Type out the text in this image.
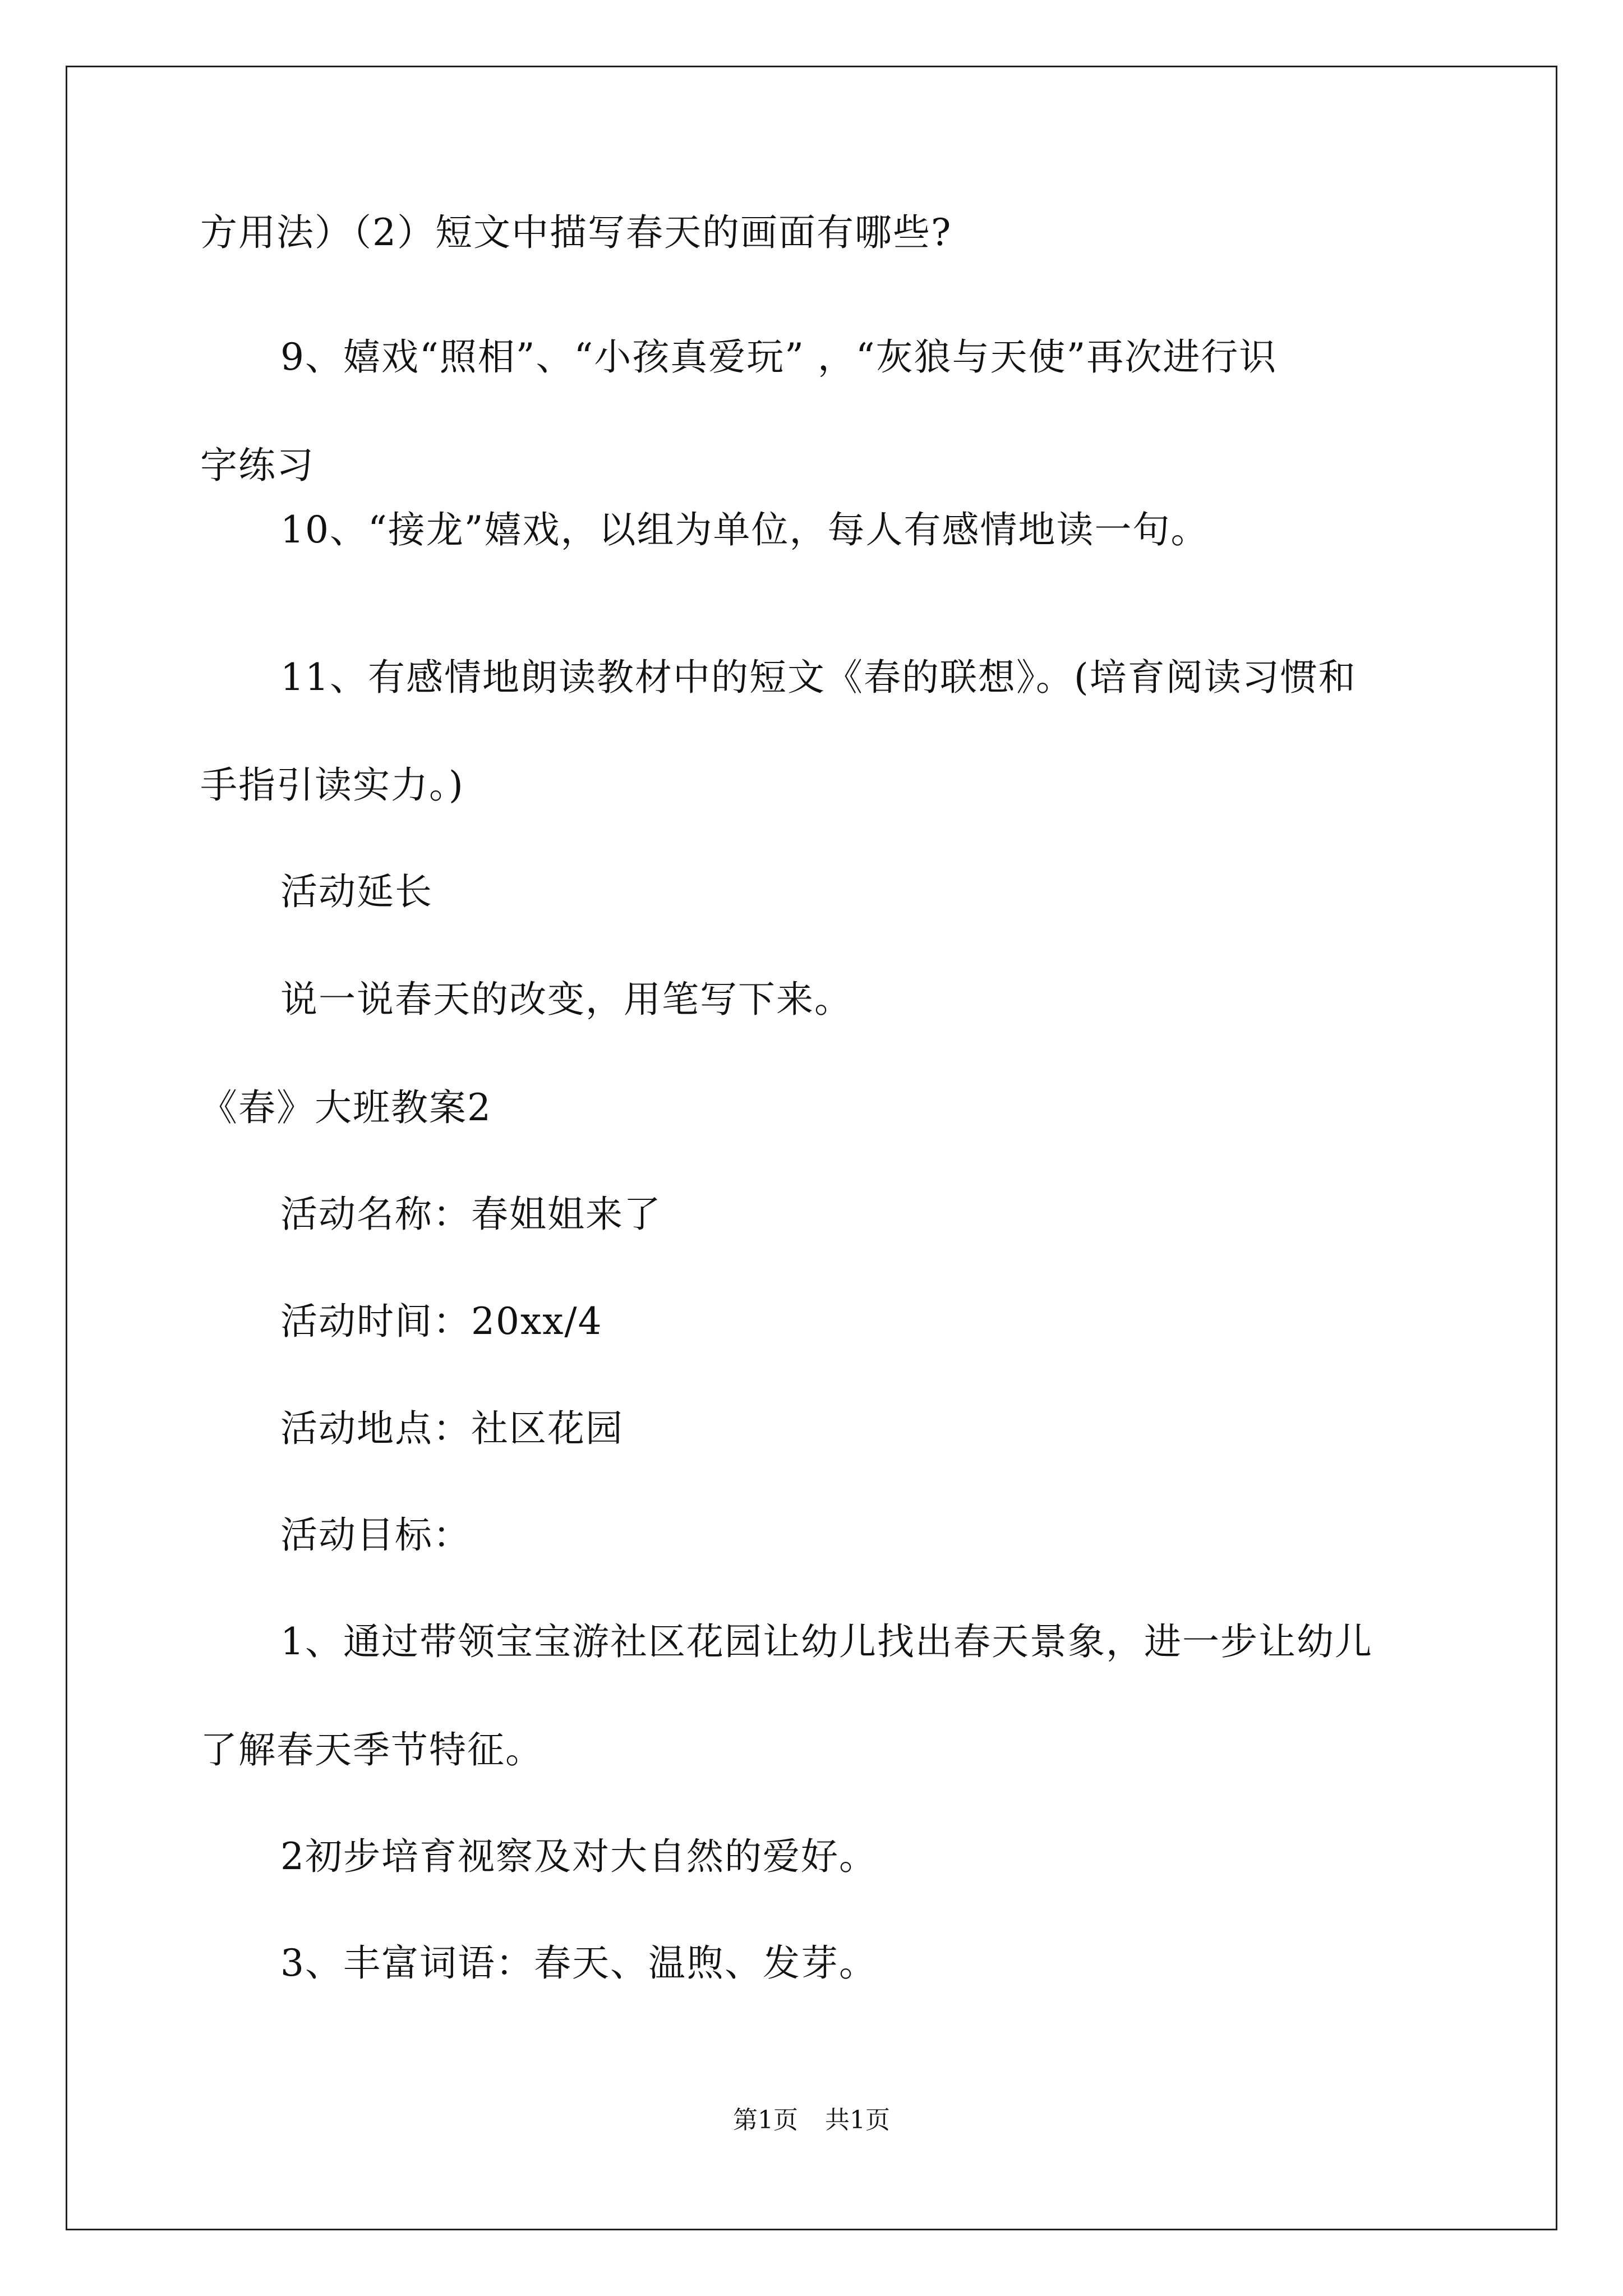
方用法）（2）短文中描写春天的画面有哪些?
9、嬉戏“照相”、“小孩真爱玩” ，“灰狼与天使”再次进行识
字练习
10、“接龙”嬉戏，以组为单位，每人有感情地读一句。
11、有感情地朗读教材中的短文《春的联想》。(培育阅读习惯和
手指引读实力。)
活动延长
说一说春天的改变，用笔写下来。
《春》大班教案2
活动名称：春姐姐来了
活动时间：20xx/4
活动地点：社区花园
活动目标：
1、通过带领宝宝游社区花园让幼儿找出春天景象，进一步让幼儿
了解春天季节特征。
2初步培育视察及对大自然的爱好。
3、丰富词语：春天、温煦、发芽。
第1页 共1页
